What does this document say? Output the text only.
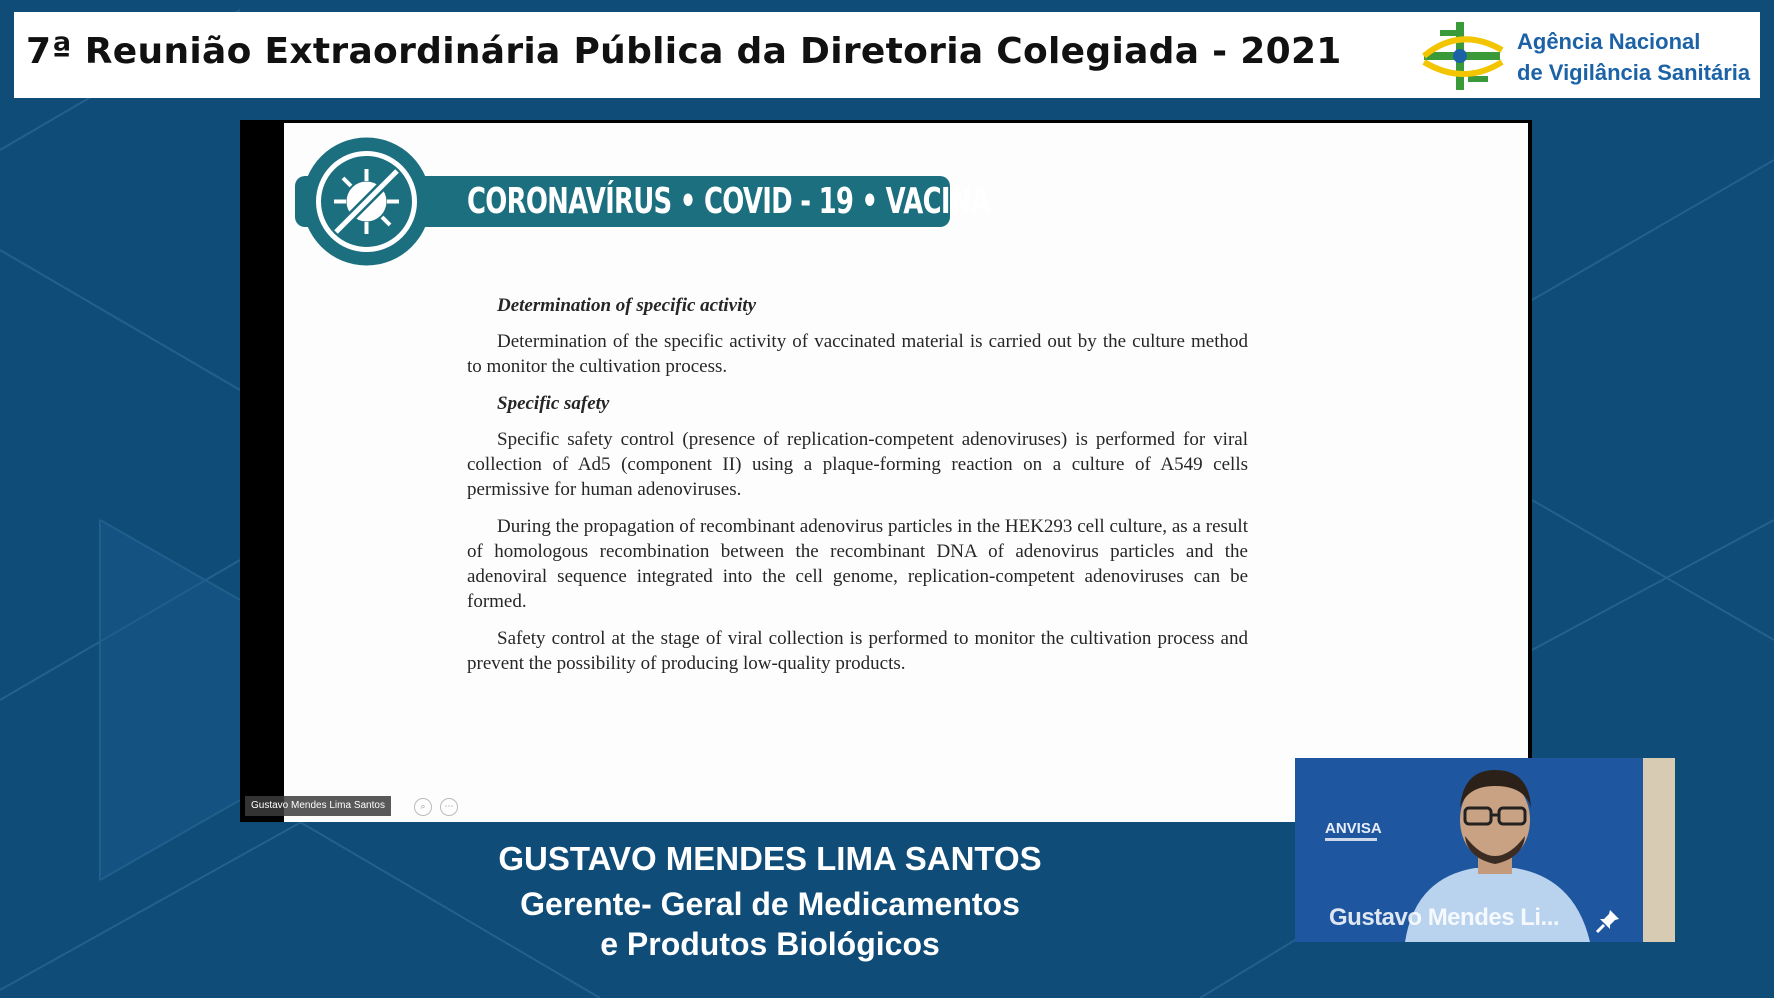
7ª Reunião Extraordinária Pública da Diretoria Colegiada - 2021	Agência Nacional
de Vigilância Sanitária
CORONAVÍRUS • COVID - 19 • VACINA
Determination of specific activity

Determination of the specific activity of vaccinated material is carried out by the culture method to monitor the cultivation process.

Specific safety

Specific safety control (presence of replication-competent adenoviruses) is performed for viral collection of Ad5 (component II) using a plaque-forming reaction on a culture of A549 cells permissive for human adenoviruses.

During the propagation of recombinant adenovirus particles in the HEK293 cell culture, as a result of homologous recombination between the recombinant DNA of adenovirus particles and the adenoviral sequence integrated into the cell genome, replication-competent adenoviruses can be formed.

Safety control at the stage of viral collection is performed to monitor the cultivation process and prevent the possibility of producing low-quality products.

Gustavo Mendes Lima Santos	⌕	⋯
GUSTAVO MENDES LIMA SANTOS
Gerente- Geral de Medicamentos
e Produtos Biológicos
ANVISA
Gustavo Mendes Li...
